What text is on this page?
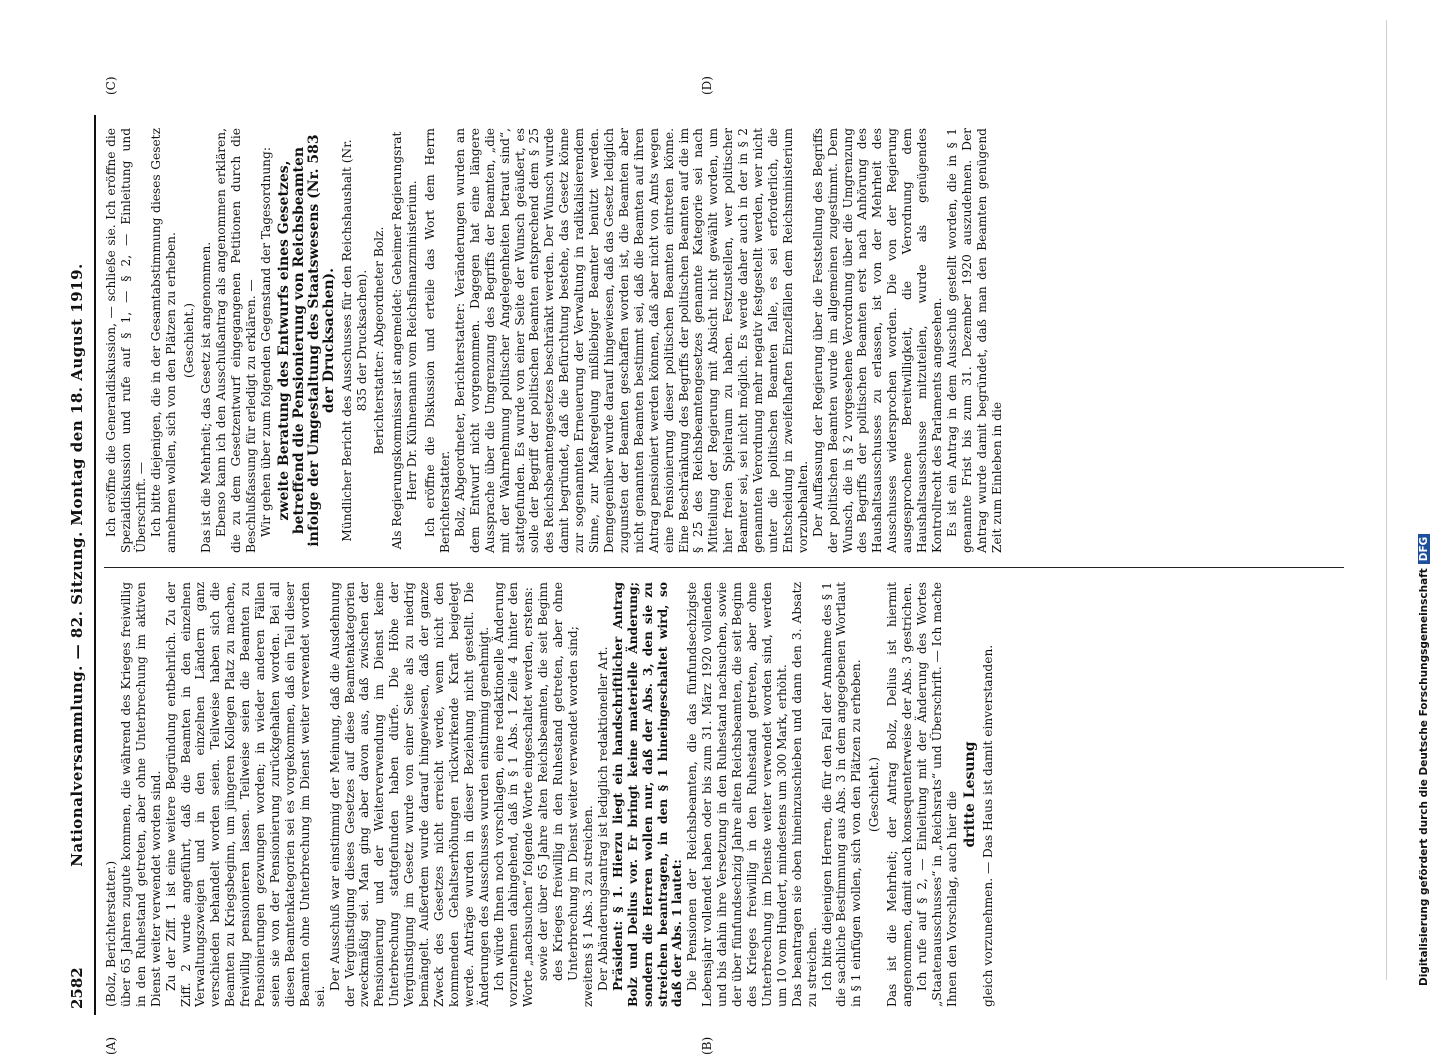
2582
Nationalversammlung. — 82. Sitzung. Montag den 18. August 1919.
(A)	(B)
(C)	(D)

(Bolz, Berichterstatter.) über 65 Jahren zugute kommen, die während des Krieges freiwillig in den Ruhestand getreten, aber ohne Unterbrechung im aktiven Dienst weiter verwendet worden sind. Zu der Ziff. 1 ist eine weitere Begründung entbehrlich. Zu der Ziff. 2 wurde angeführt, daß die Beamten in den einzelnen Verwaltungszweigen und in den einzelnen Ländern ganz verschieden behandelt worden seien. Teilweise haben sich die Beamten zu Kriegsbeginn, um jüngeren Kollegen Platz zu machen, freiwillig pensionieren lassen. Teilweise seien die Beamten zu Pensionierungen gezwungen worden; in wieder anderen Fällen seien sie von der Pensionierung zurückgehalten worden. Bei all diesen Beamtenkategorien sei es vorgekommen, daß ein Teil dieser Beamten ohne Unterbrechung im Dienst weiter verwendet worden sei.

Der Ausschuß war einstimmig der Meinung, daß die Ausdehnung der Vergünstigung dieses Gesetzes auf diese Beamtenkategorien zweckmäßig sei. Man ging aber davon aus, daß zwischen der Pensionierung und der Weiterverwendung im Dienst keine Unterbrechung stattgefunden haben dürfe. Die Höhe der Vergünstigung im Gesetz wurde von einer Seite als zu niedrig bemängelt. Außerdem wurde darauf hingewiesen, daß der ganze Zweck des Gesetzes nicht erreicht werde, wenn nicht den kommenden Gehaltserhöhungen rückwirkende Kraft beigelegt werde. Anträge wurden in dieser Beziehung nicht gestellt. Die Änderungen des Ausschusses wurden einstimmig genehmigt. Ich würde Ihnen noch vorschlagen, eine redaktionelle Änderung vorzunehmen dahingehend, daß in § 1 Abs. 1 Zeile 4 hinter den Worte „nachsuchen“ folgende Worte eingeschaltet werden, erstens: sowie der über 65 Jahre alten Reichsbeamten, die seit Beginn des Krieges freiwillig in den Ruhestand getreten, aber ohne Unterbrechung im Dienst weiter verwendet worden sind; zweitens § 1 Abs. 3 zu streichen. Der Abänderungsantrag ist lediglich redaktioneller Art. Präsident: § 1. Hierzu liegt ein handschriftlicher Antrag Bolz und Delius vor. Er bringt keine materielle Änderung; sondern die Herren wollen nur, daß der Abs. 3, den sie zu streichen beantragen, in den § 1 hineingeschaltet wird, so daß der Abs. 1 lautet: Die Pensionen der Reichsbeamten, die das fünfundsechzigste Lebensjahr vollendet haben oder bis zum 31. März 1920 vollenden und bis dahin ihre Versetzung in den Ruhestand nachsuchen, sowie der über fünfundsechzig Jahre alten Reichsbeamten, die seit Beginn des Krieges freiwillig in den Ruhestand getreten, aber ohne Unterbrechung im Dienste weiter verwendet worden sind, werden um 10 vom Hundert, mindestens um 300 Mark, erhöht. Das beantragen sie oben hineinzuschieben und dann den 3. Absatz zu streichen. Ich bitte diejenigen Herren, die für den Fall der Annahme des § 1 die sachliche Bestimmung aus Abs. 3 in dem angegebenen Wortlaut in § 1 einfügen wollen, sich von den Plätzen zu erheben. (Geschieht.) Das ist die Mehrheit; der Antrag Bolz, Delius ist hiermit angenommen, damit auch konsequenterweise der Abs. 3 gestrichen. Ich rufe auf § 2, — Einleitung mit der Änderung des Wortes „Staatenausschusses“ in „Reichsrats“ und Überschrift. — Ich mache Ihnen den Vorschlag, auch hier die dritte Lesung gleich vorzunehmen. — Das Haus ist damit einverstanden.

Ich eröffne die Generaldiskussion, — schließe sie. Ich eröffne die Spezialdiskussion und rufe auf § 1, — § 2, — Einleitung und Überschrift. — Ich bitte diejenigen, die in der Gesamtabstimmung dieses Gesetz annehmen wollen, sich von den Plätzen zu erheben. (Geschieht.) Das ist die Mehrheit; das Gesetz ist angenommen. Ebenso kann ich den Ausschußantrag als angenommen erklären, die zu dem Gesetzentwurf eingegangenen Petitionen durch die Beschlußfassung für erledigt zu erklären. — Wir gehen über zum folgenden Gegenstand der Tagesordnung: zweite Beratung des Entwurfs eines Gesetzes, betreffend die Pensionierung von Reichsbeamten infolge der Umgestaltung des Staatswesens (Nr. 583 der Drucksachen). Mündlicher Bericht des Ausschusses für den Reichshaushalt (Nr. 835 der Drucksachen). Berichterstatter: Abgeordneter Bolz. Als Regierungskommissar ist angemeldet: Geheimer Regierungsrat Herr Dr. Kühnemann vom Reichsfinanzministerium. Ich eröffne die Diskussion und erteile das Wort dem Herrn Berichterstatter. Bolz, Abgeordneter, Berichterstatter: Veränderungen wurden an dem Entwurf nicht vorgenommen. Dagegen hat eine längere Aussprache über die Umgrenzung des Begriffs der Beamten, „die mit der Wahrnehmung politischer Angelegenheiten betraut sind“, stattgefunden. Es wurde von einer Seite der Wunsch geäußert, es solle der Begriff der politischen Beamten entsprechend dem § 25 des Reichsbeamtengesetzes beschränkt werden. Der Wunsch wurde damit begründet, daß die Befürchtung bestehe, das Gesetz könne zur sogenannten Erneuerung der Verwaltung in radikalisierendem Sinne, zur Maßregelung mißliebiger Beamter benützt werden. Demgegenüber wurde darauf hingewiesen, daß das Gesetz lediglich zugunsten der Beamten geschaffen worden ist, die Beamten aber nicht genannten Beamten bestimmt sei, daß die Beamten auf ihren Antrag pensioniert werden können, daß aber nicht von Amts wegen eine Pensionierung dieser politischen Beamten eintreten könne. Eine Beschränkung des Begriffs der politischen Beamten auf die im § 25 des Reichsbeamtengesetzes genannte Kategorie sei nach Mitteilung der Regierung mit Absicht nicht gewählt worden, um hier freien Spielraum zu haben. Festzustellen, wer politischer Beamter sei, sei nicht möglich. Es werde daher auch in der in § 2 genannten Verordnung mehr negativ festgestellt werden, wer nicht unter die politischen Beamten falle, es sei erforderlich, die Entscheidung in zweifelhaften Einzelfällen dem Reichsministerium vorzubehalten. Der Auffassung der Regierung über die Feststellung des Begriffs der politischen Beamten wurde im allgemeinen zugestimmt. Dem Wunsch, die in § 2 vorgesehene Verordnung über die Umgrenzung des Begriffs der politischen Beamten erst nach Anhörung des Haushaltsausschusses zu erlassen, ist von der Mehrheit des Ausschusses widersprochen worden. Die von der Regierung ausgesprochene Bereitwilligkeit, die Verordnung dem Haushaltsausschusse mitzuteilen, wurde als genügendes Kontrollrecht des Parlaments angesehen. Es ist ein Antrag in dem Ausschuß gestellt worden, die in § 1 genannte Frist bis zum 31. Dezember 1920 auszudehnen. Der Antrag wurde damit begründet, daß man den Beamten genügend Zeit zum Einleben in die

Digitalisierung gefördert durch die Deutsche ForschungsgemeinschaftDFG
